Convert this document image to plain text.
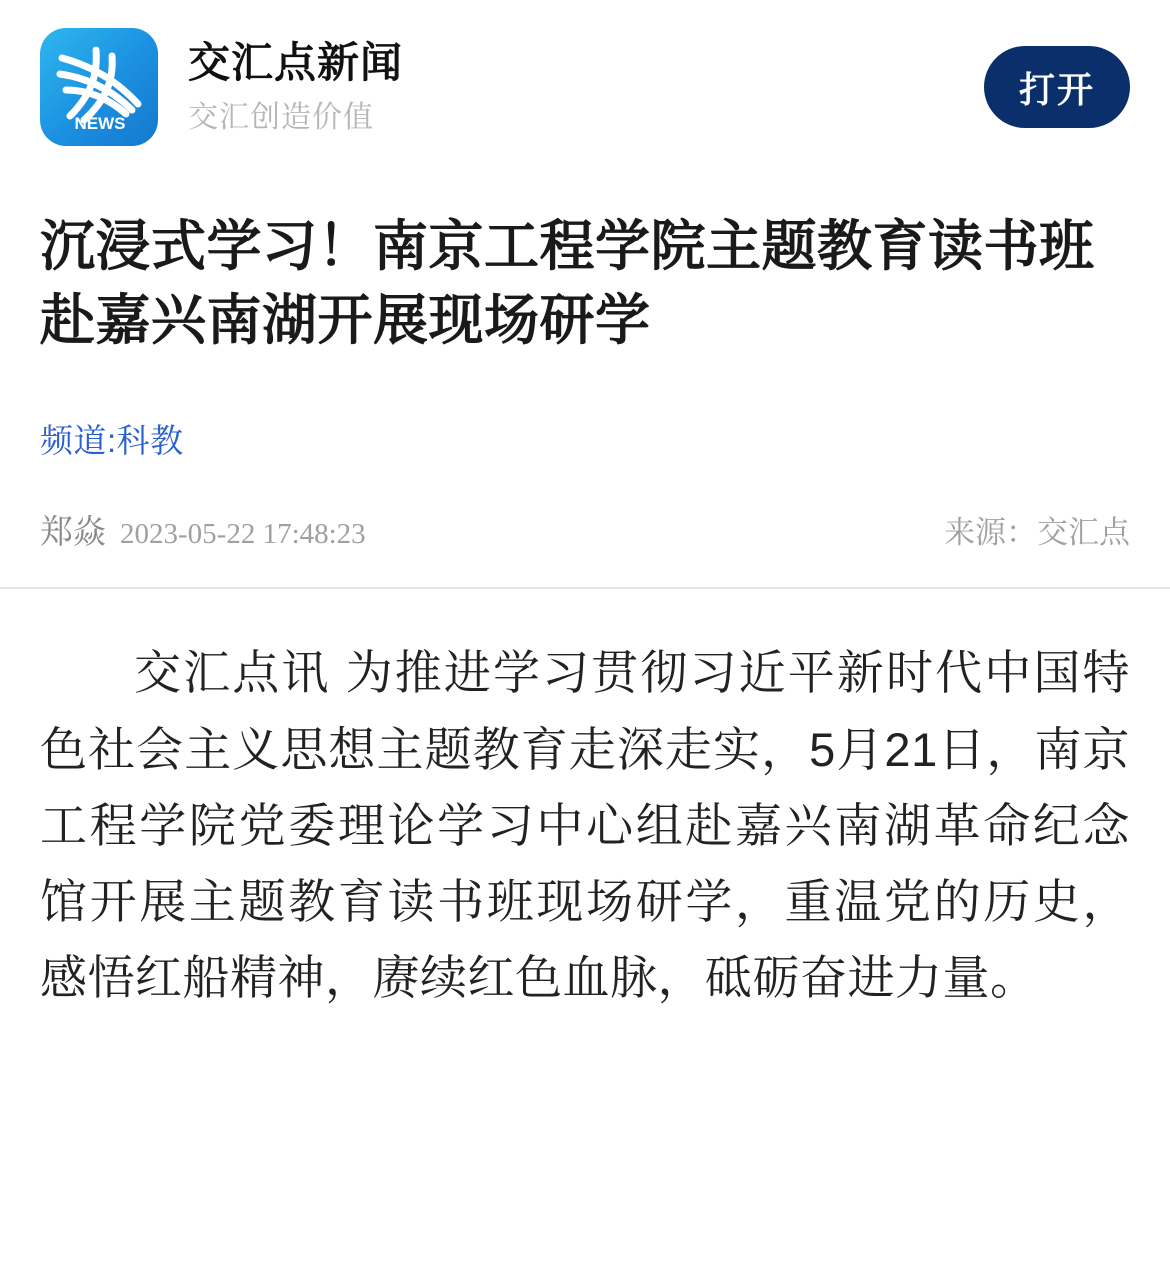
NEWS
交汇点新闻
交汇创造价值
打开
沉浸式学习！南京工程学院主题教育读书班赴嘉兴南湖开展现场研学
频道:科教
郑焱 2023-05-22 17:48:23	来源：交汇点

交汇点讯 为推进学习贯彻习近平新时代中国特色社会主义思想主题教育走深走实，5月21日，南京工程学院党委理论学习中心组赴嘉兴南湖革命纪念馆开展主题教育读书班现场研学，重温党的历史，感悟红船精神，赓续红色血脉，砥砺奋进力量。
